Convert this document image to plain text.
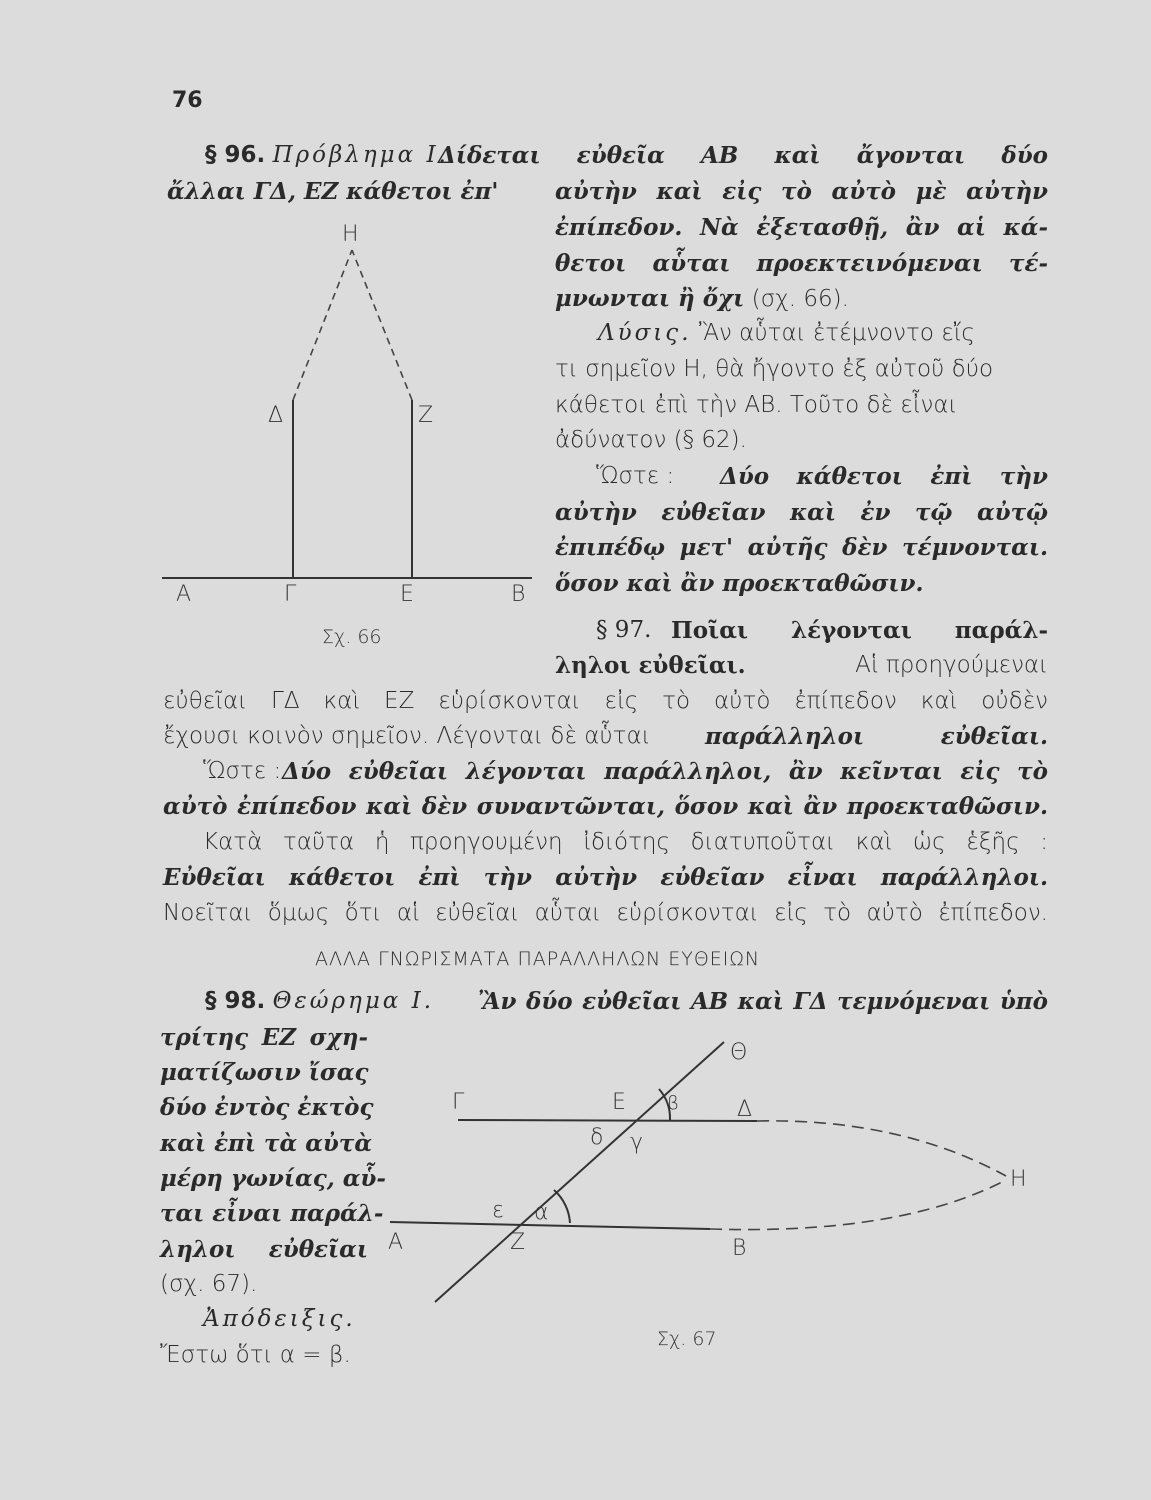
76
§ 96. Πρόβλημα Ι.
Δίδεται εὐθεῖα ΑΒ καὶ ἄγονται δύο
ἄλλαι ΓΔ, ΕΖ κάθετοι ἐπ' αὐτὴν καὶ εἰς τὸ αὐτὸ μὲ αὐτὴν
ἐπίπεδον. Νὰ ἐξετασθῇ, ἂν αἱ κά-
θετοι αὗται προεκτεινόμεναι τέ-
μνωνται ἢ ὄχι (σχ. 66).
Λύσις. Ἂν αὗται ἐτέμνοντο εἴς
τι σημεῖον Η, θὰ ἤγοντο ἐξ αὐτοῦ δύο
κάθετοι ἐπὶ τὴν ΑΒ. Τοῦτο δὲ εἶναι
ἀδύνατον (§ 62).
Ὥστε : Δύο κάθετοι ἐπὶ τὴν
αὐτὴν εὐθεῖαν καὶ ἐν τῷ αὐτῷ
ἐπιπέδῳ μετ' αὐτῆς δὲν τέμνονται.
ὅσον καὶ ἂν προεκταθῶσιν.
§ 97. Ποῖαι λέγονται παράλ-
ληλοι εὐθεῖαι.	Αἱ προηγούμεναι
εὐθεῖαι ΓΔ καὶ ΕΖ εὑρίσκονται εἰς τὸ αὐτὸ ἐπίπεδον καὶ οὐδὲν
ἔχουσι κοινὸν σημεῖον. Λέγονται δὲ αὗται παράλληλοι εὐθεῖαι.
Ὥστε : Δύο εὐθεῖαι λέγονται παράλληλοι, ἂν κεῖνται εἰς τὸ
αὐτὸ ἐπίπεδον καὶ δὲν συναντῶνται, ὅσον καὶ ἂν προεκταθῶσιν.
Κατὰ ταῦτα ἡ προηγουμένη ἰδιότης διατυποῦται καὶ ὡς ἑξῆς :
Εὐθεῖαι κάθετοι ἐπὶ τὴν αὐτὴν εὐθεῖαν εἶναι παράλληλοι.
Νοεῖται ὅμως ὅτι αἱ εὐθεῖαι αὗται εὑρίσκονται εἰς τὸ αὐτὸ ἐπίπεδον.
ΑΛΛΑ ΓΝΩΡΙΣΜΑΤΑ ΠΑΡΑΛΛΗΛΩΝ ΕΥΘΕΙΩΝ
§ 98. Θεώρημα Ι. Ἂν δύο εὐθεῖαι ΑΒ καὶ ΓΔ τεμνόμεναι ὑπὸ
τρίτης ΕΖ σχη-
ματίζωσιν ἴσας
δύο ἐντὸς ἐκτὸς
καὶ ἐπὶ τὰ αὐτὰ
μέρη γωνίας, αὗ-
ται εἶναι παράλ-
ληλοι εὐθεῖαι
(σχ. 67).
Ἀπόδειξις.
Ἔστω ὅτι α = β.
Η
Δ	Ζ
Α	Γ	Ε	Β
Σχ. 66
Θ
Γ	Ε β	Δ
δ γ
Η
ε α
Α	Ζ	Β
Σχ. 67
